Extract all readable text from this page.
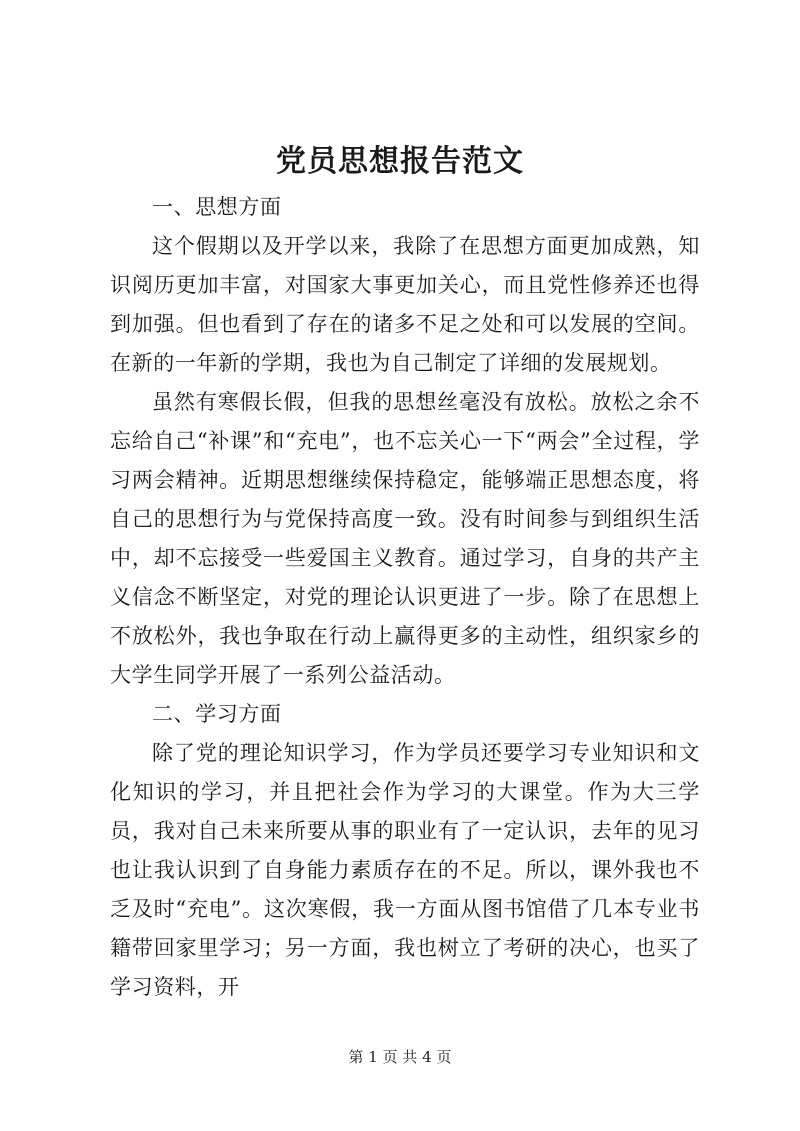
党员思想报告范文

一、思想方面

这个假期以及开学以来，我除了在思想方面更加成熟，知识阅历更加丰富，对国家大事更加关心，而且党性修养还也得到加强。但也看到了存在的诸多不足之处和可以发展的空间。在新的一年新的学期，我也为自己制定了详细的发展规划。

虽然有寒假长假，但我的思想丝毫没有放松。放松之余不忘给自己“补课”和“充电”，也不忘关心一下“两会”全过程，学习两会精神。近期思想继续保持稳定，能够端正思想态度，将自己的思想行为与党保持高度一致。没有时间参与到组织生活中，却不忘接受一些爱国主义教育。通过学习，自身的共产主义信念不断坚定，对党的理论认识更进了一步。除了在思想上不放松外，我也争取在行动上赢得更多的主动性，组织家乡的大学生同学开展了一系列公益活动。

二、学习方面

除了党的理论知识学习，作为学员还要学习专业知识和文化知识的学习，并且把社会作为学习的大课堂。作为大三学员，我对自己未来所要从事的职业有了一定认识，去年的见习也让我认识到了自身能力素质存在的不足。所以，课外我也不乏及时“充电”。这次寒假，我一方面从图书馆借了几本专业书籍带回家里学习；另一方面，我也树立了考研的决心，也买了学习资料，开

第 1 页 共 4 页
